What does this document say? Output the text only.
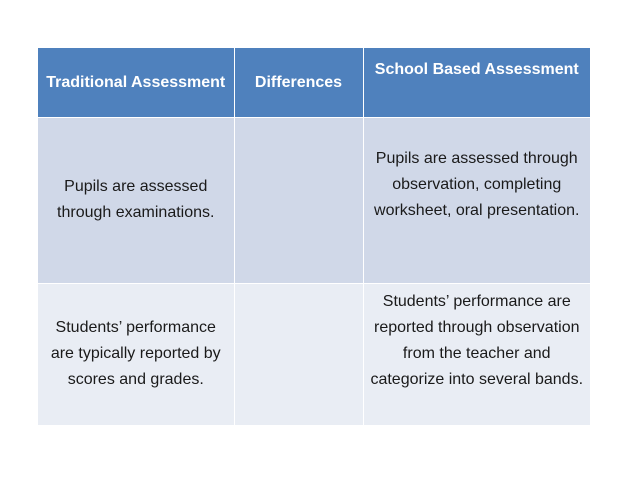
Traditional Assessment	Differences	School Based Assessment
Pupils are assessed through examinations.		Pupils are assessed through observation, completing worksheet, oral presentation.
Students’ performance are typically reported by scores and grades.		Students’ performance are reported through observation from the teacher and categorize into several bands.
